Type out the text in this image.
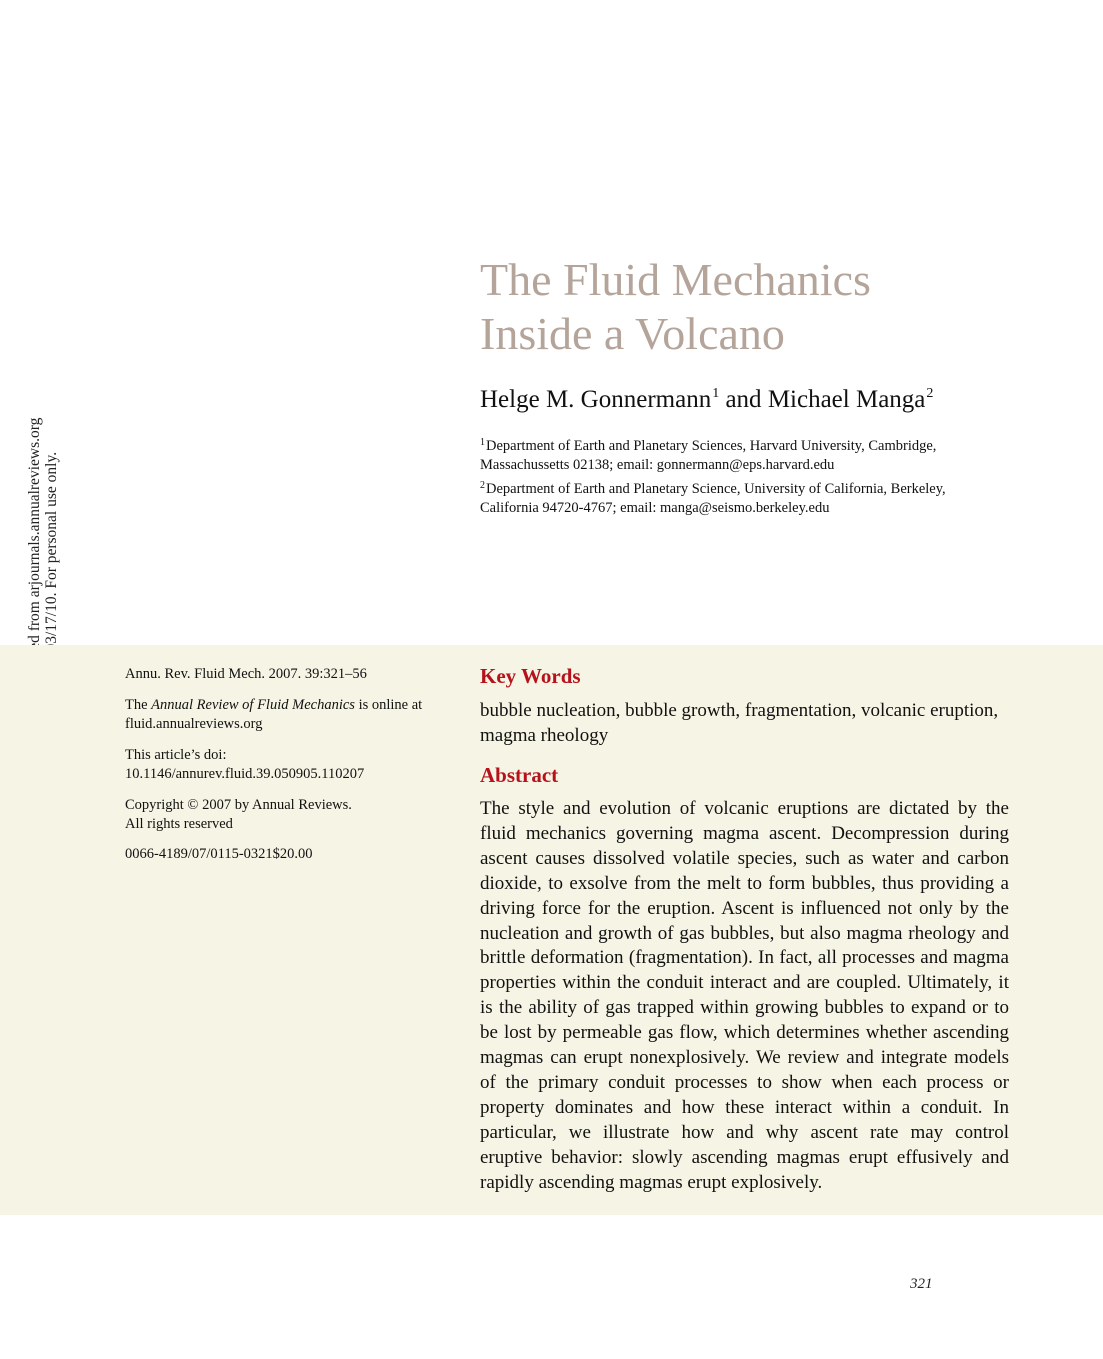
The Fluid Mechanics
Inside a Volcano
Helge M. Gonnermann$^1$ and Michael Manga$^2$
$^1$Department of Earth and Planetary Sciences, Harvard University, Cambridge, Massachussetts 02138; email: gonnermann@eps.harvard.edu
$^2$Department of Earth and Planetary Science, University of California, Berkeley, California 94720-4767; email: manga@seismo.berkeley.edu
Annu. Rev. Fluid Mech. 2007. 39:321–56
The Annual Review of Fluid Mechanics is online at fluid.annualreviews.org
This article’s doi:
10.1146/annurev.fluid.39.050905.110207
Copyright © 2007 by Annual Reviews.
All rights reserved
0066-4189/07/0115-0321$20.00
Key Words
bubble nucleation, bubble growth, fragmentation, volcanic eruption, magma rheology
Abstract
The style and evolution of volcanic eruptions are dictated by the fluid mechanics governing magma ascent. Decompression during ascent causes dissolved volatile species, such as water and carbon dioxide, to exsolve from the melt to form bubbles, thus providing a driving force for the eruption. Ascent is influenced not only by the nucleation and growth of gas bubbles, but also magma rheology and brittle deformation (fragmentation). In fact, all processes and magma properties within the conduit interact and are coupled. Ultimately, it is the ability of gas trapped within growing bubbles to expand or to be lost by permeable gas flow, which determines whether ascending magmas can erupt nonexplosively. We review and integrate models of the primary conduit processes to show when each process or property dominates and how these interact within a conduit. In particular, we illustrate how and why ascent rate may control eruptive behavior: slowly ascending magmas erupt effusively and rapidly ascending magmas erupt explosively.
321
